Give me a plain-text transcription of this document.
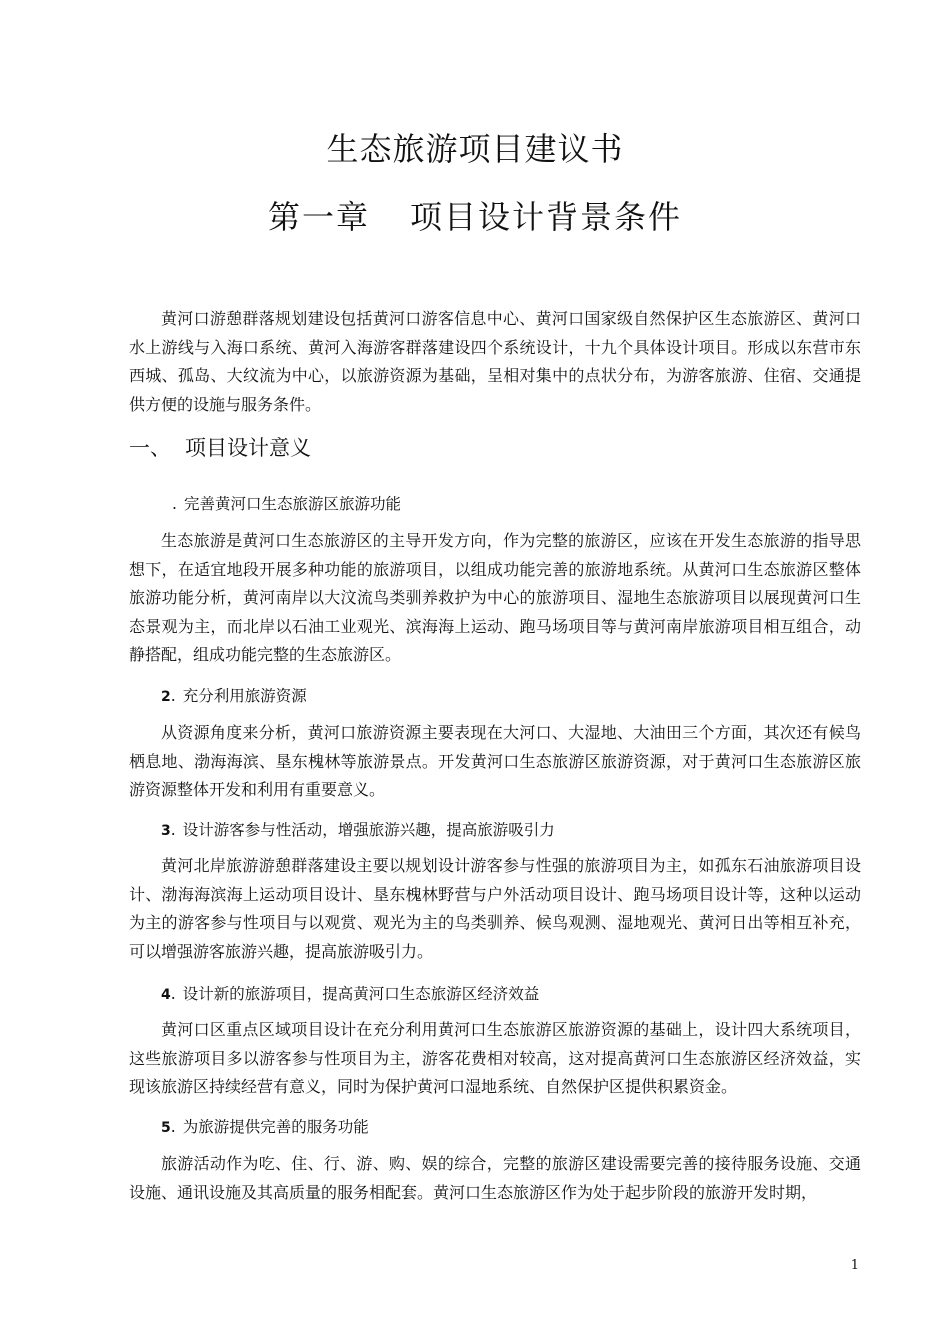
生态旅游项目建议书
第一章 项目设计背景条件

黄河口游憩群落规划建设包括黄河口游客信息中心、黄河口国家级自然保护区生态旅游区、黄河口水上游线与入海口系统、黄河入海游客群落建设四个系统设计，十九个具体设计项目。形成以东营市东西城、孤岛、大纹流为中心，以旅游资源为基础，呈相对集中的点状分布，为游客旅游、住宿、交通提供方便的设施与服务条件。

一、 项目设计意义
. 完善黄河口生态旅游区旅游功能

生态旅游是黄河口生态旅游区的主导开发方向，作为完整的旅游区，应该在开发生态旅游的指导思想下，在适宜地段开展多种功能的旅游项目，以组成功能完善的旅游地系统。从黄河口生态旅游区整体旅游功能分析，黄河南岸以大汶流鸟类驯养救护为中心的旅游项目、湿地生态旅游项目以展现黄河口生态景观为主，而北岸以石油工业观光、滨海海上运动、跑马场项目等与黄河南岸旅游项目相互组合，动静搭配，组成功能完整的生态旅游区。

2. 充分利用旅游资源

从资源角度来分析，黄河口旅游资源主要表现在大河口、大湿地、大油田三个方面，其次还有候鸟栖息地、渤海海滨、垦东槐林等旅游景点。开发黄河口生态旅游区旅游资源，对于黄河口生态旅游区旅游资源整体开发和利用有重要意义。

3. 设计游客参与性活动，增强旅游兴趣，提高旅游吸引力

黄河北岸旅游游憩群落建设主要以规划设计游客参与性强的旅游项目为主，如孤东石油旅游项目设计、渤海海滨海上运动项目设计、垦东槐林野营与户外活动项目设计、跑马场项目设计等，这种以运动为主的游客参与性项目与以观赏、观光为主的鸟类驯养、候鸟观测、湿地观光、黄河日出等相互补充，可以增强游客旅游兴趣，提高旅游吸引力。

4. 设计新的旅游项目，提高黄河口生态旅游区经济效益

黄河口区重点区域项目设计在充分利用黄河口生态旅游区旅游资源的基础上，设计四大系统项目，这些旅游项目多以游客参与性项目为主，游客花费相对较高，这对提高黄河口生态旅游区经济效益，实现该旅游区持续经营有意义，同时为保护黄河口湿地系统、自然保护区提供积累资金。

5. 为旅游提供完善的服务功能

旅游活动作为吃、住、行、游、购、娱的综合，完整的旅游区建设需要完善的接待服务设施、交通设施、通讯设施及其高质量的服务相配套。黄河口生态旅游区作为处于起步阶段的旅游开发时期，

1
